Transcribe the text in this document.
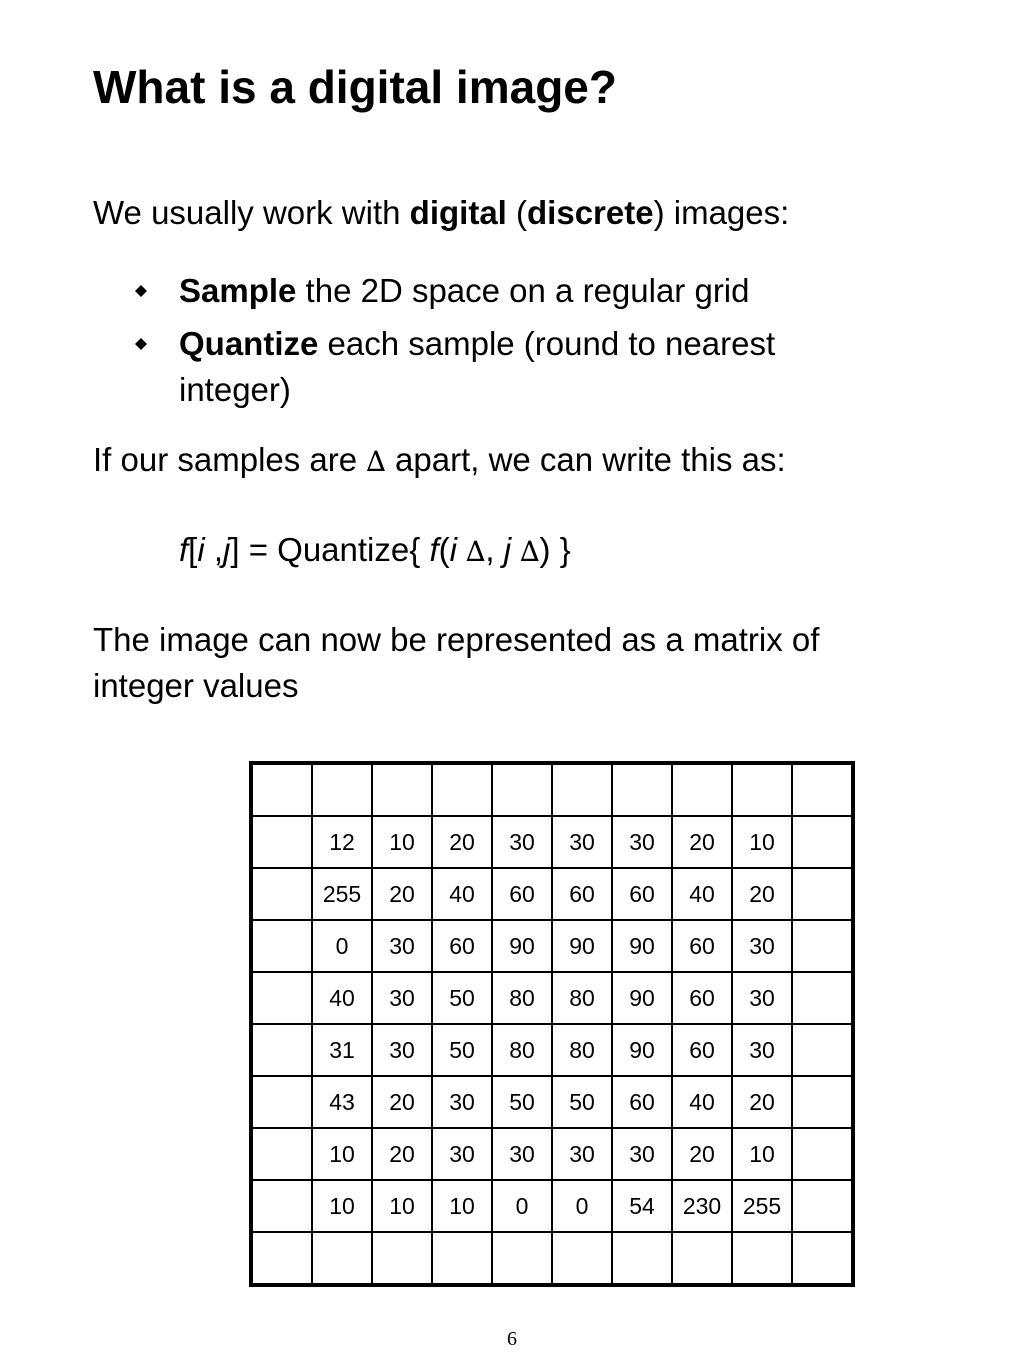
What is a digital image?
We usually work with digital (discrete) images:
Sample the 2D space on a regular grid
Quantize each sample (round to nearest
integer)
If our samples are ∆ apart, we can write this as:
f[i ,j] = Quantize{ f(i ∆, j ∆) }
The image can now be represented as a matrix of
integer values

	12	10	20	30	30	30	20	10	
	255	20	40	60	60	60	40	20	
	0	30	60	90	90	90	60	30	
	40	30	50	80	80	90	60	30	
	31	30	50	80	80	90	60	30	
	43	20	30	50	50	60	40	20	
	10	20	30	30	30	30	20	10	
	10	10	10	0	0	54	230	255	

6
